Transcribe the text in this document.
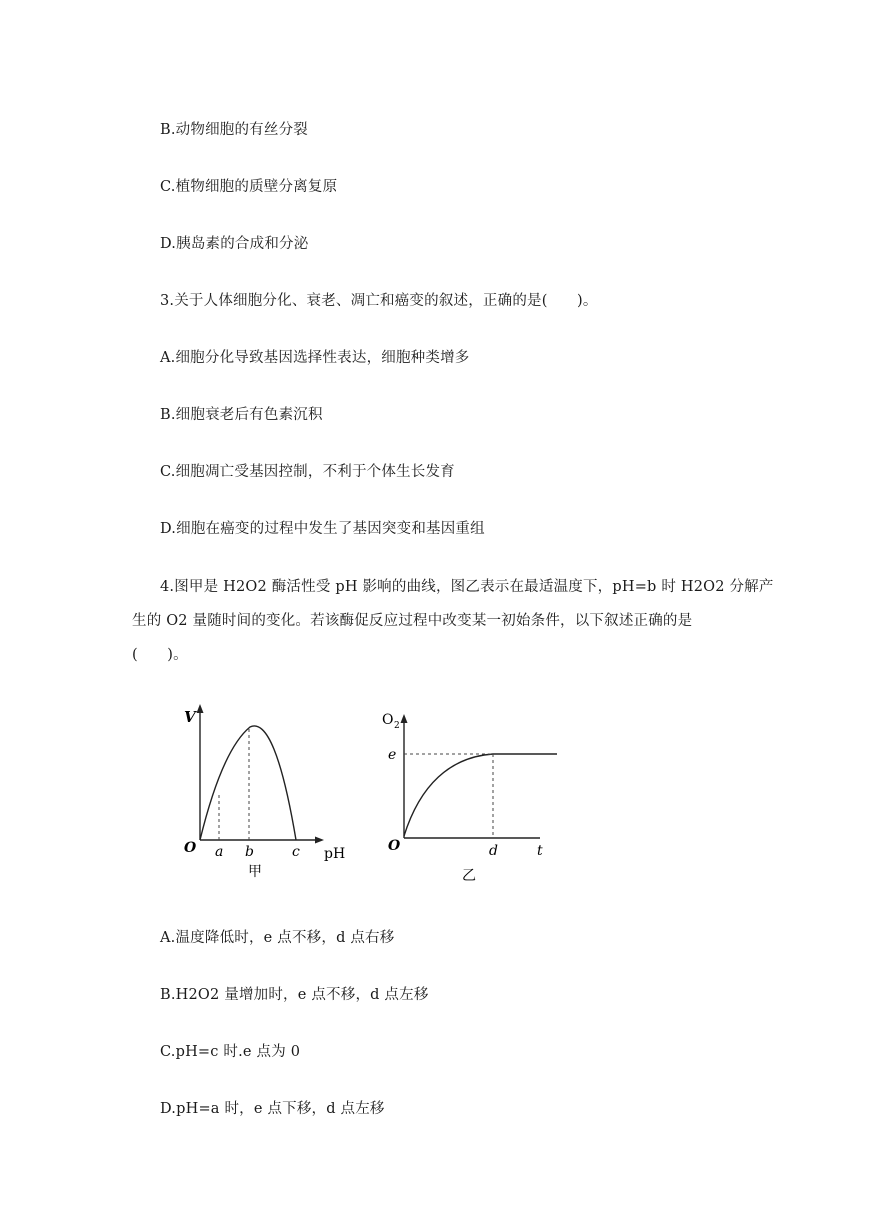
B.动物细胞的有丝分裂
C.植物细胞的质壁分离复原
D.胰岛素的合成和分泌
3.关于人体细胞分化、衰老、凋亡和癌变的叙述，正确的是(　　)。
A.细胞分化导致基因选择性表达，细胞种类增多
B.细胞衰老后有色素沉积
C.细胞凋亡受基因控制，不利于个体生长发育
D.细胞在癌变的过程中发生了基因突变和基因重组
4.图甲是 H2O2 酶活性受 pH 影响的曲线，图乙表示在最适温度下，pH=b 时 H2O2 分解产
生的 O2 量随时间的变化。若该酶促反应过程中改变某一初始条件，以下叙述正确的是
(　　)。
V
O a b	c pH
甲
O 2
e
O	d	t
乙
A.温度降低时，e 点不移，d 点右移
B.H2O2 量增加时，e 点不移，d 点左移
C.pH=c 时.e 点为 0
D.pH=a 时，e 点下移，d 点左移
